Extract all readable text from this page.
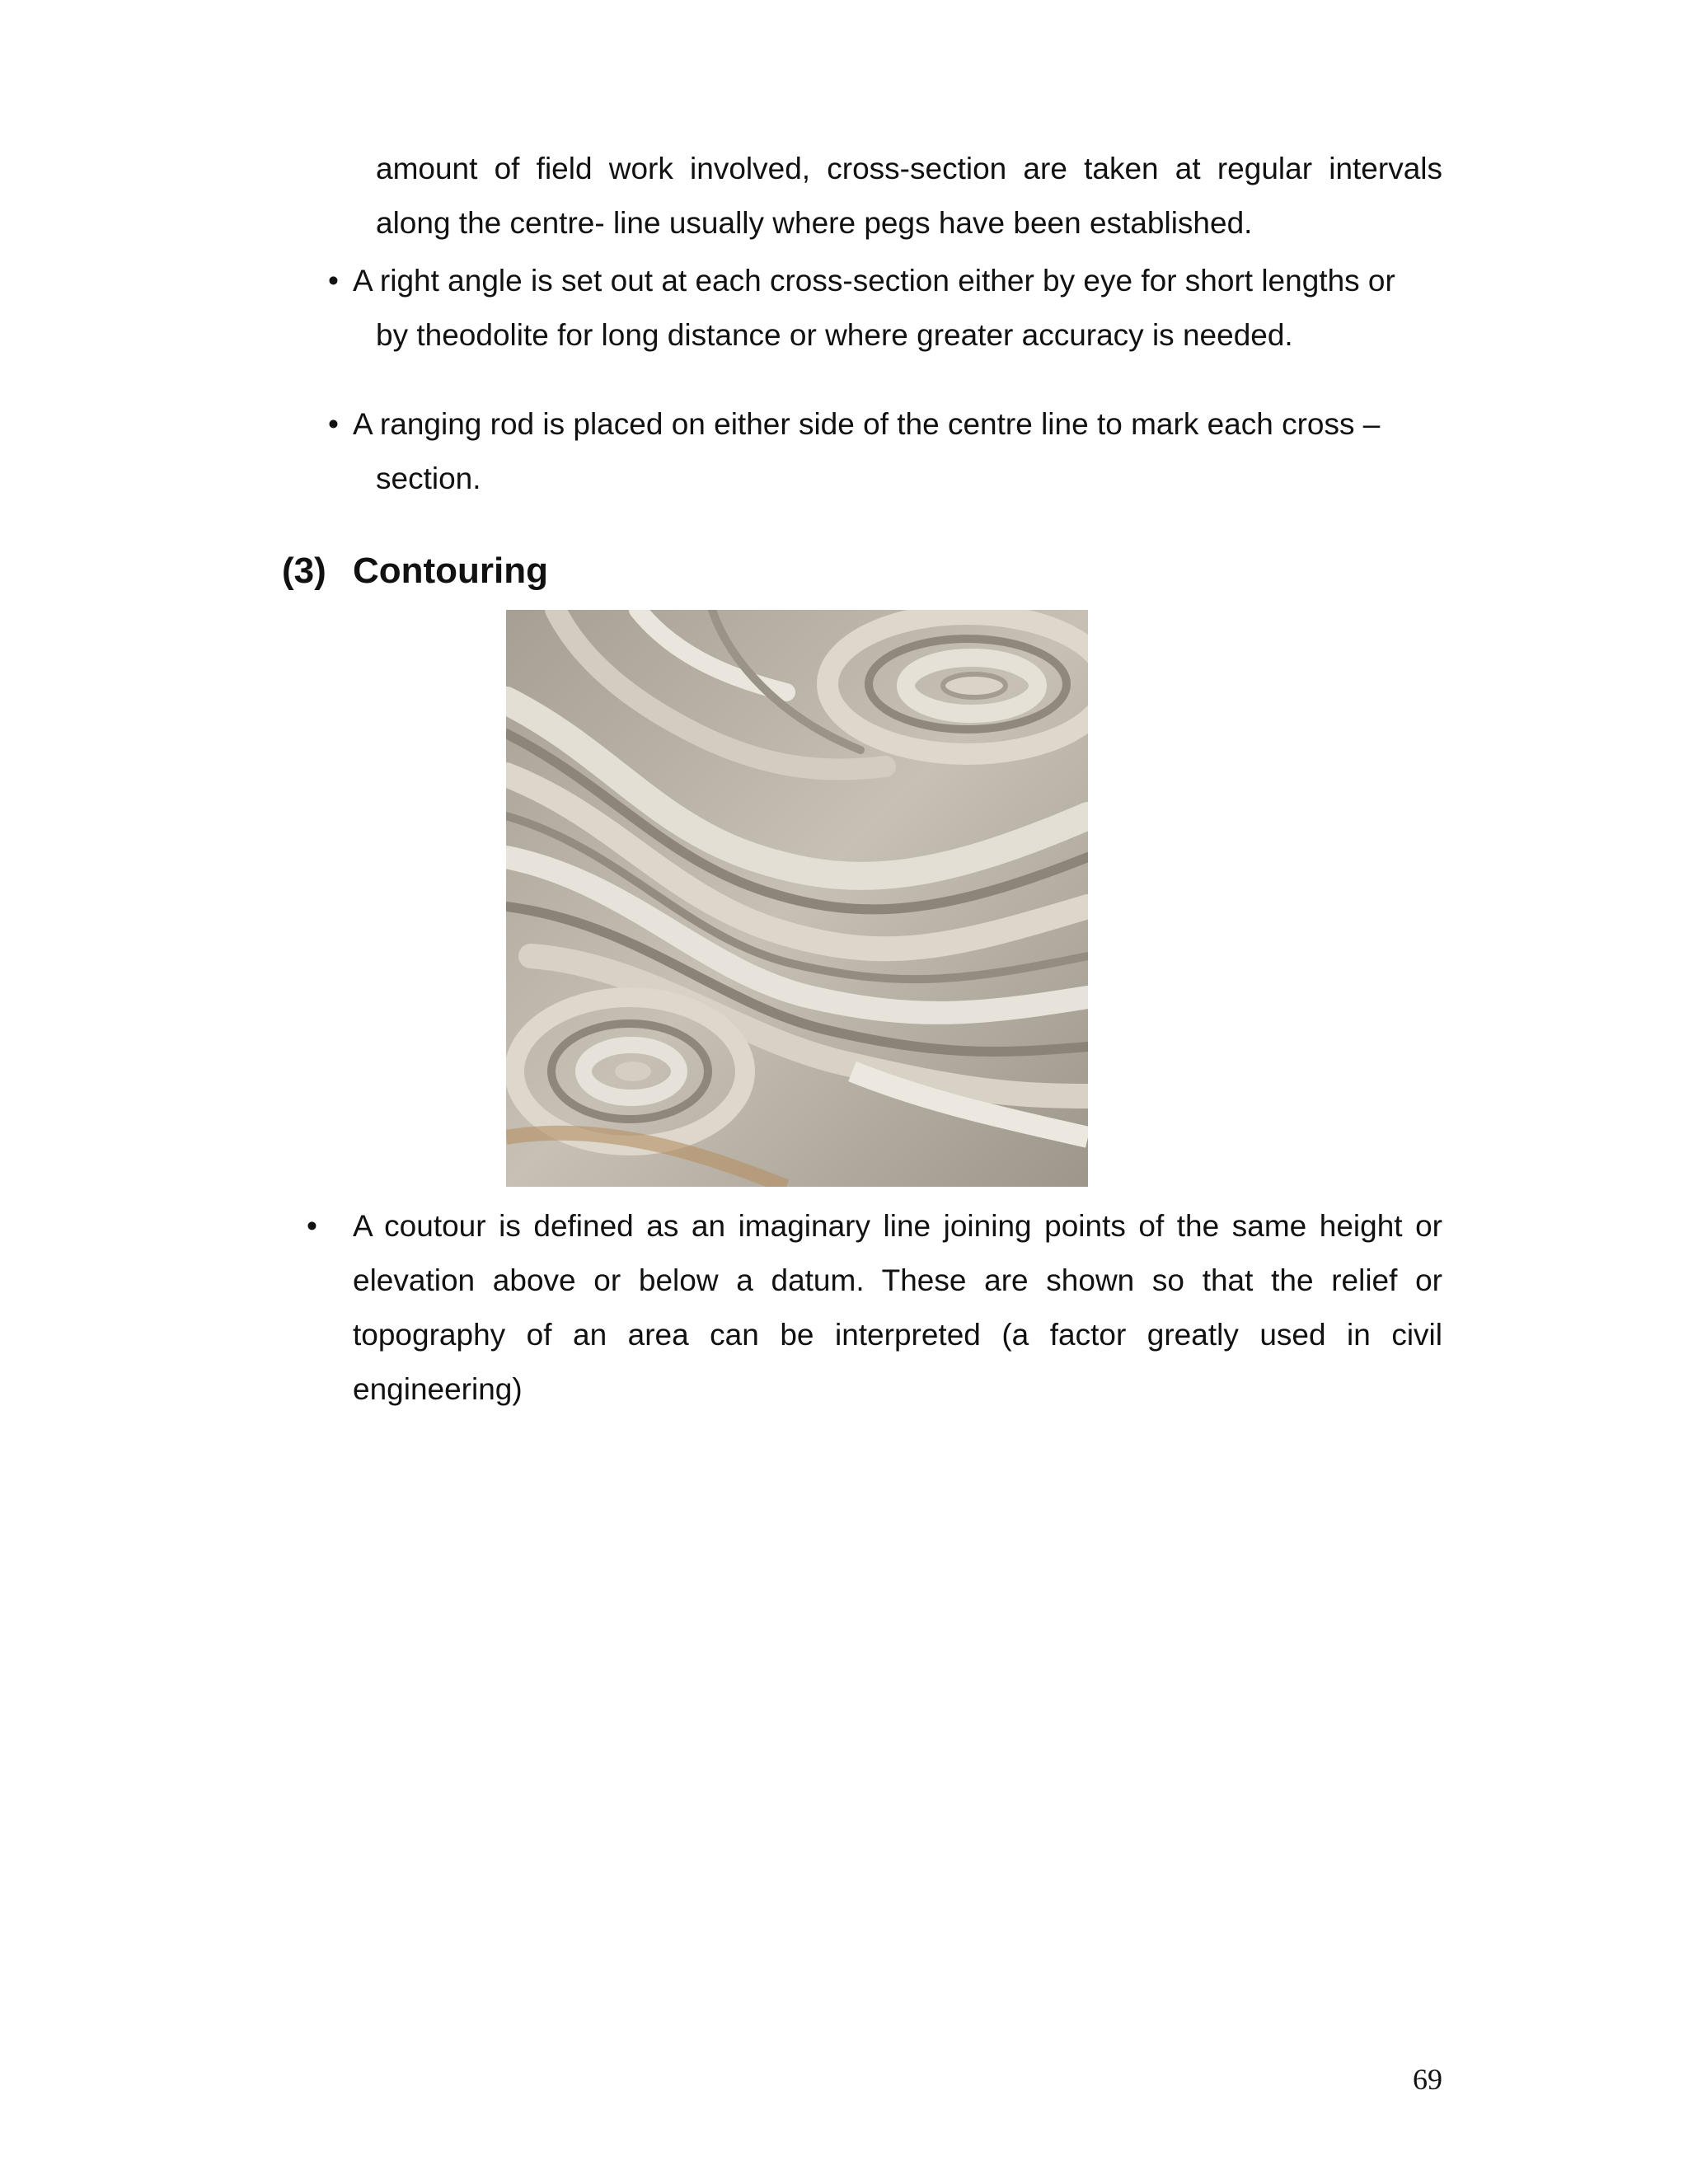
amount of field work involved, cross-section are taken at regular intervals along the centre- line usually where pegs have been established.

• A right angle is set out at each cross-section either by eye for short lengths or
by theodolite for long distance or where greater accuracy is needed.
• A ranging rod is placed on either side of the centre line to mark each cross –
section.
(3) Contouring
• A coutour is defined as an imaginary line joining points of the same height or elevation above or below a datum. These are shown so that the relief or topography of an area can be interpreted (a factor greatly used in civil engineering)

69
